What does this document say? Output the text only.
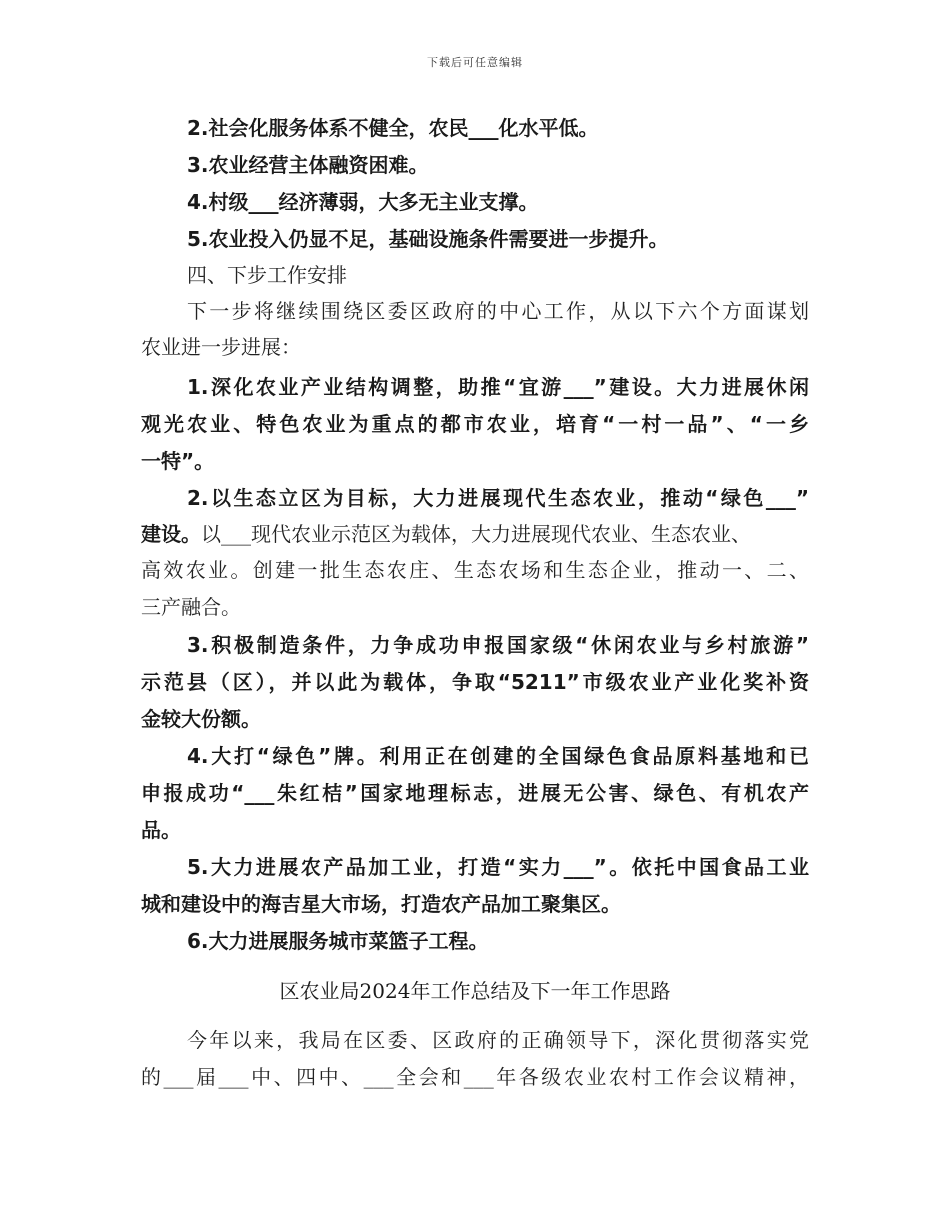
下载后可任意编辑
2.社会化服务体系不健全，农民___化水平低。
3.农业经营主体融资困难。
4.村级___经济薄弱，大多无主业支撑。
5.农业投入仍显不足，基础设施条件需要进一步提升。
四、下步工作安排
下一步将继续围绕区委区政府的中心工作，从以下六个方面谋划
农业进一步进展：
1.深化农业产业结构调整，助推“宜游___”建设。大力进展休闲
观光农业、特色农业为重点的都市农业，培育“一村一品”、“一乡
一特”。
2.以生态立区为目标，大力进展现代生态农业，推动“绿色___”
建设。以___现代农业示范区为载体，大力进展现代农业、生态农业、
高效农业。创建一批生态农庄、生态农场和生态企业，推动一、二、
三产融合。
3.积极制造条件，力争成功申报国家级“休闲农业与乡村旅游”
示范县（区），并以此为载体，争取“5211”市级农业产业化奖补资
金较大份额。
4.大打“绿色”牌。利用正在创建的全国绿色食品原料基地和已
申报成功“___朱红桔”国家地理标志，进展无公害、绿色、有机农产
品。
5.大力进展农产品加工业，打造“实力___”。依托中国食品工业
城和建设中的海吉星大市场，打造农产品加工聚集区。
6.大力进展服务城市菜篮子工程。
区农业局2024年工作总结及下一年工作思路
今年以来，我局在区委、区政府的正确领导下，深化贯彻落实党
的___届___中、四中、___全会和___年各级农业农村工作会议精神，
